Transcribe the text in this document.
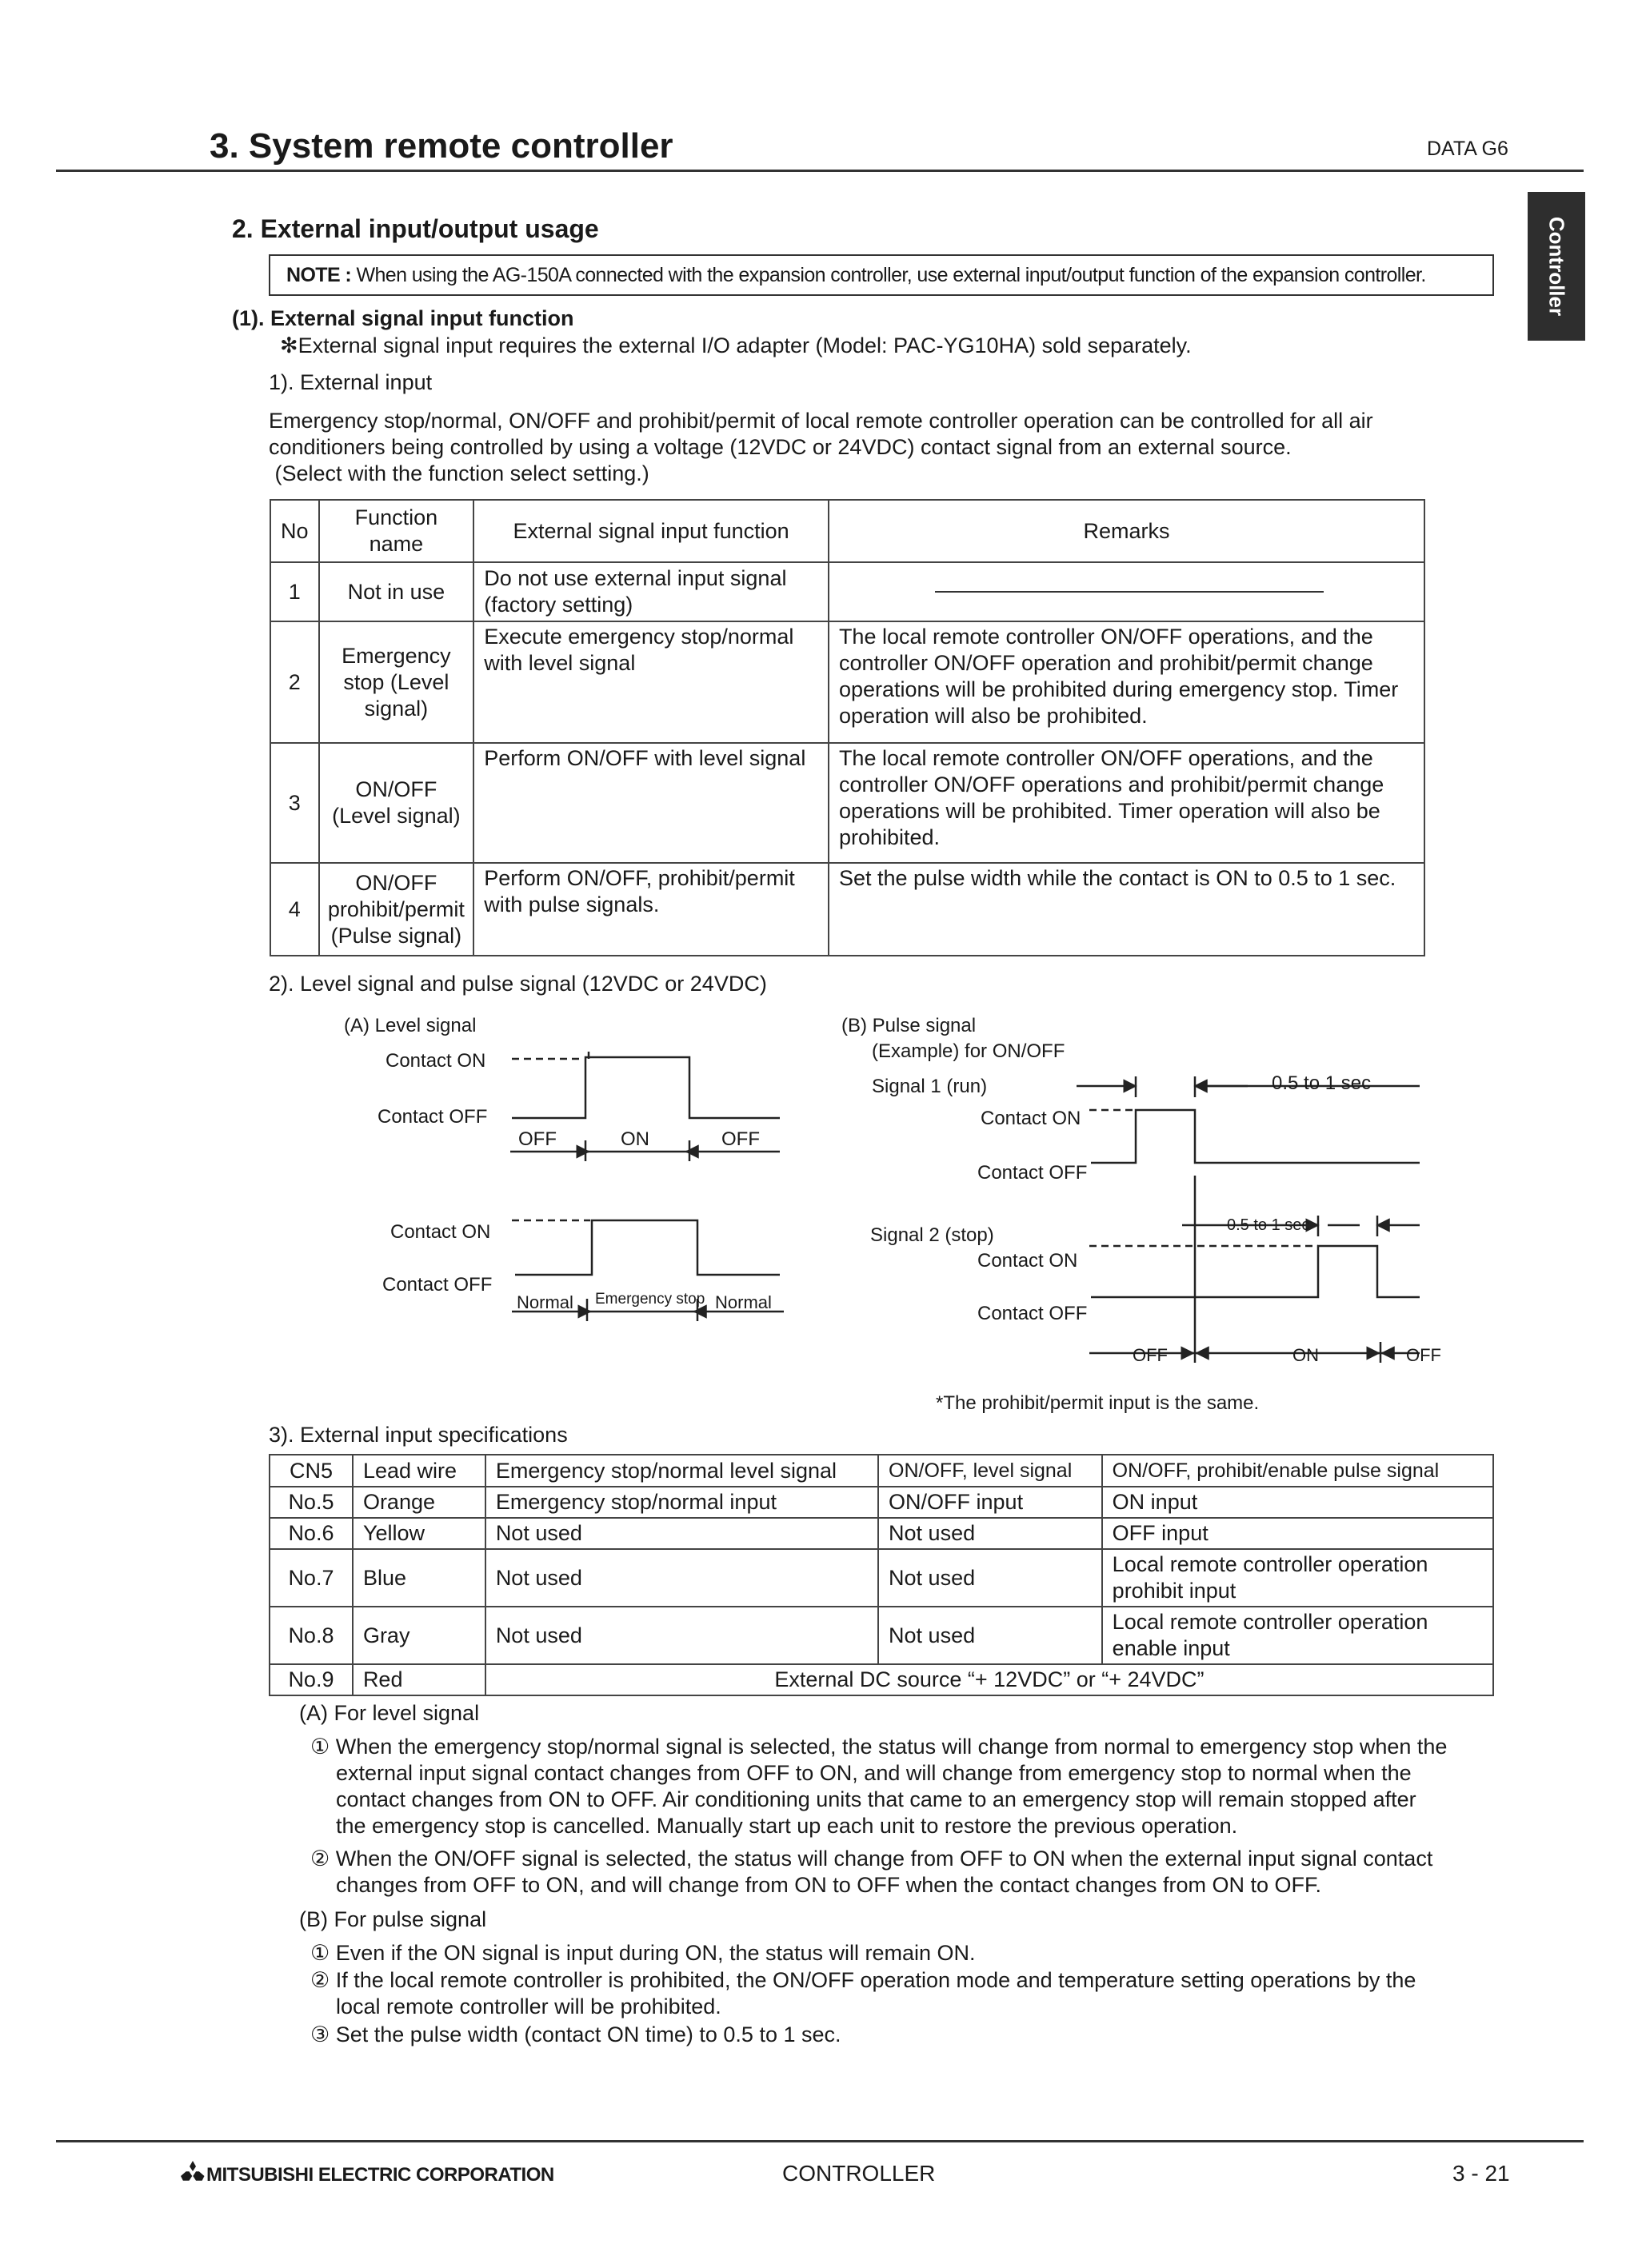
3. System remote controller	DATA G6
Controller
2. External input/output usage
NOTE : When using the AG-150A connected with the expansion controller, use external input/output function of the expansion controller.
(1). External signal input function
✻External signal input requires the external I/O adapter (Model: PAC-YG10HA) sold separately.
1). External input
Emergency stop/normal, ON/OFF and prohibit/permit of local remote controller operation can be controlled for all air
conditioners being controlled by using a voltage (12VDC or 24VDC) contact signal from an external source.
(Select with the function select setting.)
No	Function name	External signal input function	Remarks
1	Not in use	Do not use external input signal (factory setting)	

2	Emergency stop (Level signal)	Execute emergency stop/normal with level signal	The local remote controller ON/OFF operations, and the controller ON/OFF operation and prohibit/permit change operations will be prohibited during emergency stop. Timer operation will also be prohibited.
3	ON/OFF (Level signal)	Perform ON/OFF with level signal	The local remote controller ON/OFF operations, and the controller ON/OFF operations and prohibit/permit change operations will be prohibited. Timer operation will also be prohibited.
4	ON/OFF prohibit/permit (Pulse signal)	Perform ON/OFF, prohibit/permit with pulse signals.	Set the pulse width while the contact is ON to 0.5 to 1 sec.
2). Level signal and pulse signal (12VDC or 24VDC)
(A) Level signal
Contact ON
Contact OFF
OFF	ON	OFF
Contact ON
Contact OFF
Normal Emergency stop Normal
(B) Pulse signal
(Example) for ON/OFF
Signal 1 (run)	0.5 to 1 sec
Contact ON
Contact OFF
0.5 to 1 sec
Signal 2 (stop)
Contact ON
Contact OFF
OFF	ON	OFF
*The prohibit/permit input is the same.
3). External input specifications
CN5	Lead wire	Emergency stop/normal level signal	ON/OFF, level signal	ON/OFF, prohibit/enable pulse signal
No.5	Orange	Emergency stop/normal input	ON/OFF input	ON input
No.6	Yellow	Not used	Not used	OFF input
No.7	Blue	Not used	Not used	Local remote controller operation prohibit input
No.8	Gray	Not used	Not used	Local remote controller operation enable input
No.9	Red	External DC source “+ 12VDC” or “+ 24VDC”		
(A) For level signal
① When the emergency stop/normal signal is selected, the status will change from normal to emergency stop when the
external input signal contact changes from OFF to ON, and will change from emergency stop to normal when the
contact changes from ON to OFF. Air conditioning units that came to an emergency stop will remain stopped after
the emergency stop is cancelled. Manually start up each unit to restore the previous operation.
② When the ON/OFF signal is selected, the status will change from OFF to ON when the external input signal contact
changes from OFF to ON, and will change from ON to OFF when the contact changes from ON to OFF.
(B) For pulse signal
① Even if the ON signal is input during ON, the status will remain ON.
② If the local remote controller is prohibited, the ON/OFF operation mode and temperature setting operations by the
local remote controller will be prohibited.
③ Set the pulse width (contact ON time) to 0.5 to 1 sec.
MITSUBISHI ELECTRIC CORPORATION	CONTROLLER	3 - 21
